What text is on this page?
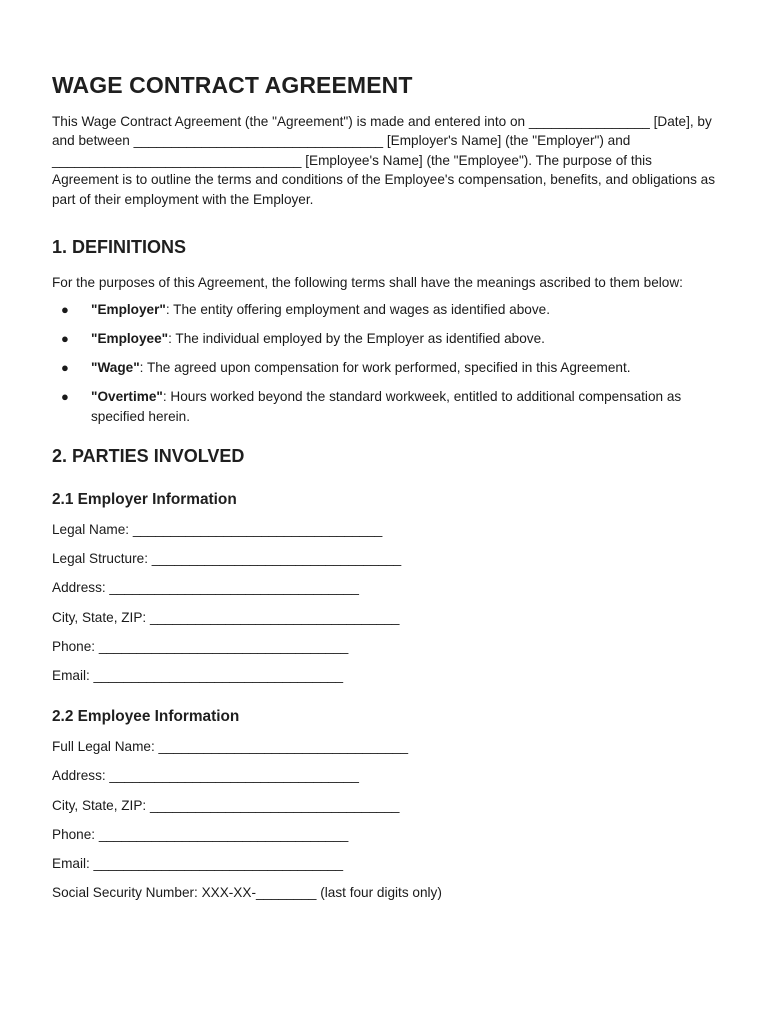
WAGE CONTRACT AGREEMENT

This Wage Contract Agreement (the "Agreement") is made and entered into on ________________ [Date], by and between _________________________________ [Employer's Name] (the "Employer") and _________________________________ [Employee's Name] (the "Employee"). The purpose of this Agreement is to outline the terms and conditions of the Employee's compensation, benefits, and obligations as part of their employment with the Employer.

1. DEFINITIONS

For the purposes of this Agreement, the following terms shall have the meanings ascribed to them below:

● "Employer": The entity offering employment and wages as identified above.
● "Employee": The individual employed by the Employer as identified above.
● "Wage": The agreed upon compensation for work performed, specified in this Agreement.
● "Overtime": Hours worked beyond the standard workweek, entitled to additional compensation as specified herein.
2. PARTIES INVOLVED
2.1 Employer Information
Legal Name: _________________________________
Legal Structure: _________________________________
Address: _________________________________
City, State, ZIP: _________________________________
Phone: _________________________________
Email: _________________________________
2.2 Employee Information
Full Legal Name: _________________________________
Address: _________________________________
City, State, ZIP: _________________________________
Phone: _________________________________
Email: _________________________________
Social Security Number: XXX-XX-________ (last four digits only)
